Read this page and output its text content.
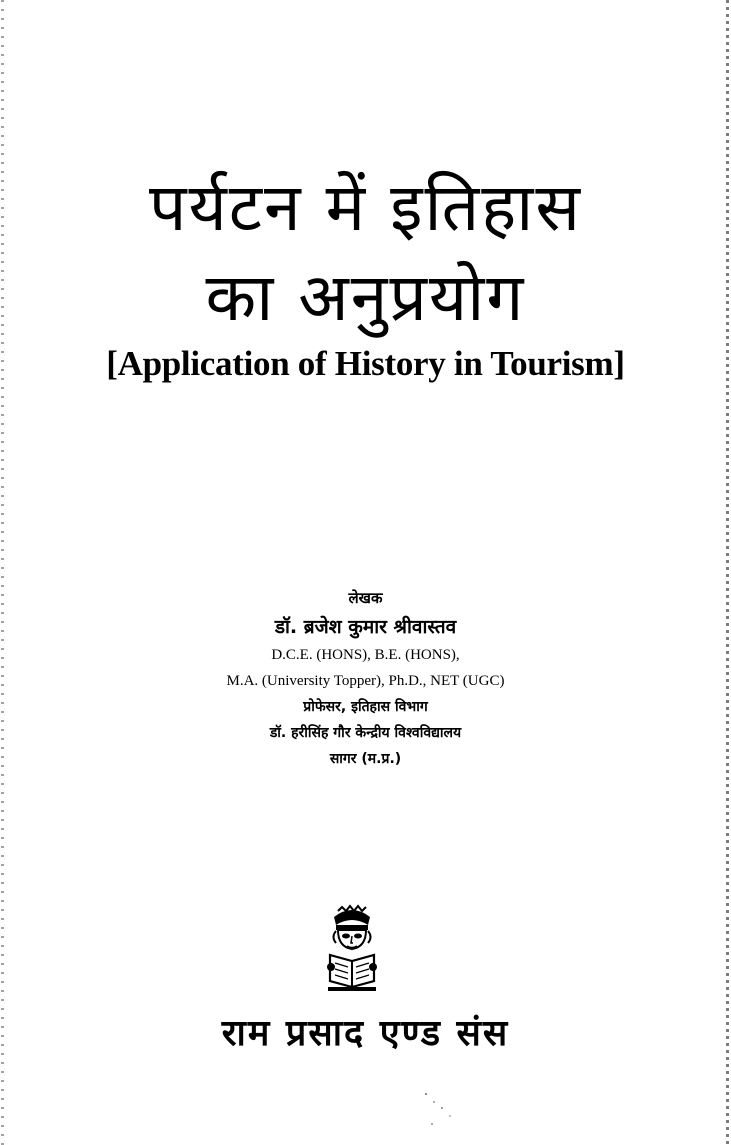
पर्यटन में इतिहास
का अनुप्रयोग
[Application of History in Tourism]
लेखक
डॉ. ब्रजेश कुमार श्रीवास्तव
D.C.E. (HONS), B.E. (HONS),
M.A. (University Topper), Ph.D., NET (UGC)
प्रोफेसर, इतिहास विभाग
डॉ. हरीसिंह गौर केन्द्रीय विश्वविद्यालय
सागर (म.प्र.)
राम प्रसाद एण्ड संस
